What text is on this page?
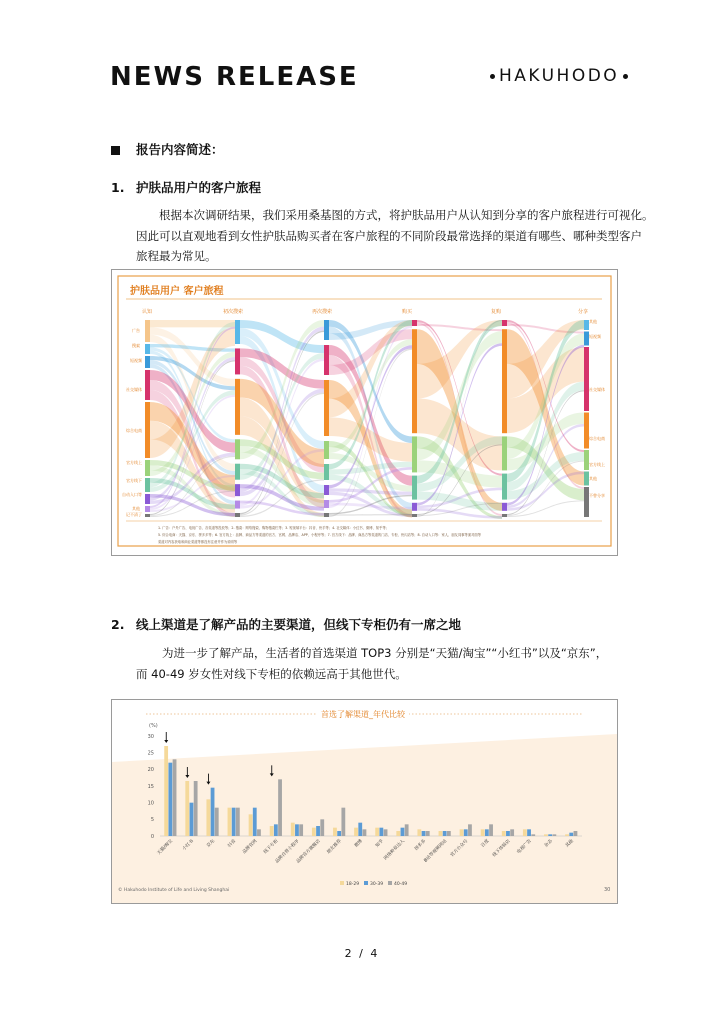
NEWS RELEASE	HAKUHODO
报告内容简述：
1. 护肤品用户的客户旅程
根据本次调研结果，我们采用桑基图的方式，将护肤品用户从认知到分享的客户旅程进行可视化。
因此可以直观地看到女性护肤品购买者在客户旅程的不同阶段最常选择的渠道有哪些、哪种类型客户
旅程最为常见。
护肤品用户 客户旅程
认知	初次搜索	再次搜索	购买	复购	分享
广告
搜索
短视频
社交媒体
综合电商
官方线上
官方线下
自动入口等
其他
记不清了
其他
短视频
社交媒体
综合电商
官方线上
其他
不曾分享
1. 广告：户外广告、电视广告、各渠道等投放等；2. 搜索：网络搜索、购物搜索栏等；3. 短视频平台：抖音、快手等；4. 社交媒体：小红书、微博、知乎等；
5. 综合电商：天猫、京东、拼多多等；6. 官方线上：品牌、商品方等渠道的官方、官网、品牌店、APP、小程序等；7. 官方线下：品牌、商品方等渠道的门店、专柜、快闪店等；8. 自动入口等：家人、朋友同事等面对面等
渠道对内容获取和商业渠道等都没有注意并作为说明等
2. 线上渠道是了解产品的主要渠道，但线下专柜仍有一席之地
为进一步了解产品，生活者的首选渠道 TOP3 分别是“天猫/淘宝”“小红书”以及“京东”，
而 40-49 岁女性对线下专柜的依赖远高于其他世代。
首选了解渠道_年代比较
(%)
0
5
10
15
20
25
30
天猫/淘宝	小红书	京东	抖音	品牌官网	线下专柜
品牌自营小程序
品牌官方旗舰店	朋友推荐	微博	知乎
网络种草达人	拼多多
B站等视频网站 官方公众号	百度 线下体验店	电视广告	杂志	其他
18-29 30-39 40-49
© Hakuhodo Institute of Life and Living Shanghai	30
2 / 4
